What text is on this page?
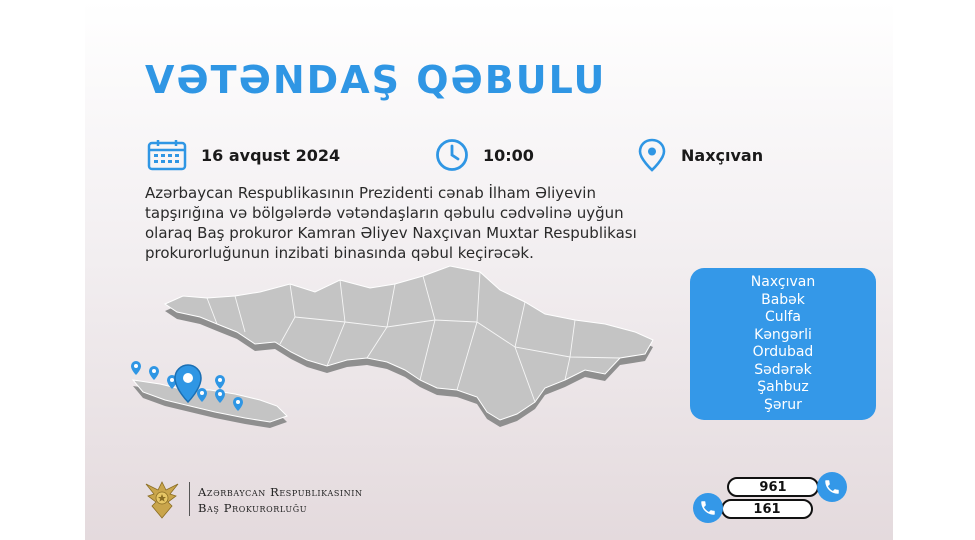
VƏTƏNDAŞ QƏBULU
16 avqust 2024	10:00	Naxçıvan
Azərbaycan Respublikasının Prezidenti cənab İlham Əliyevin
tapşırığına və bölgələrdə vətəndaşların qəbulu cədvəlinə uyğun
olaraq Baş prokuror Kamran Əliyev Naxçıvan Muxtar Respublikası
prokurorluğunun inzibati binasında qəbul keçirəcək.
Naxçıvan
Babək
Culfa
Kəngərli
Ordubad
Sədərək
Şahbuz
Şərur
Azərbaycan Respublikasının
Baş Prokurorluğu
961
161
